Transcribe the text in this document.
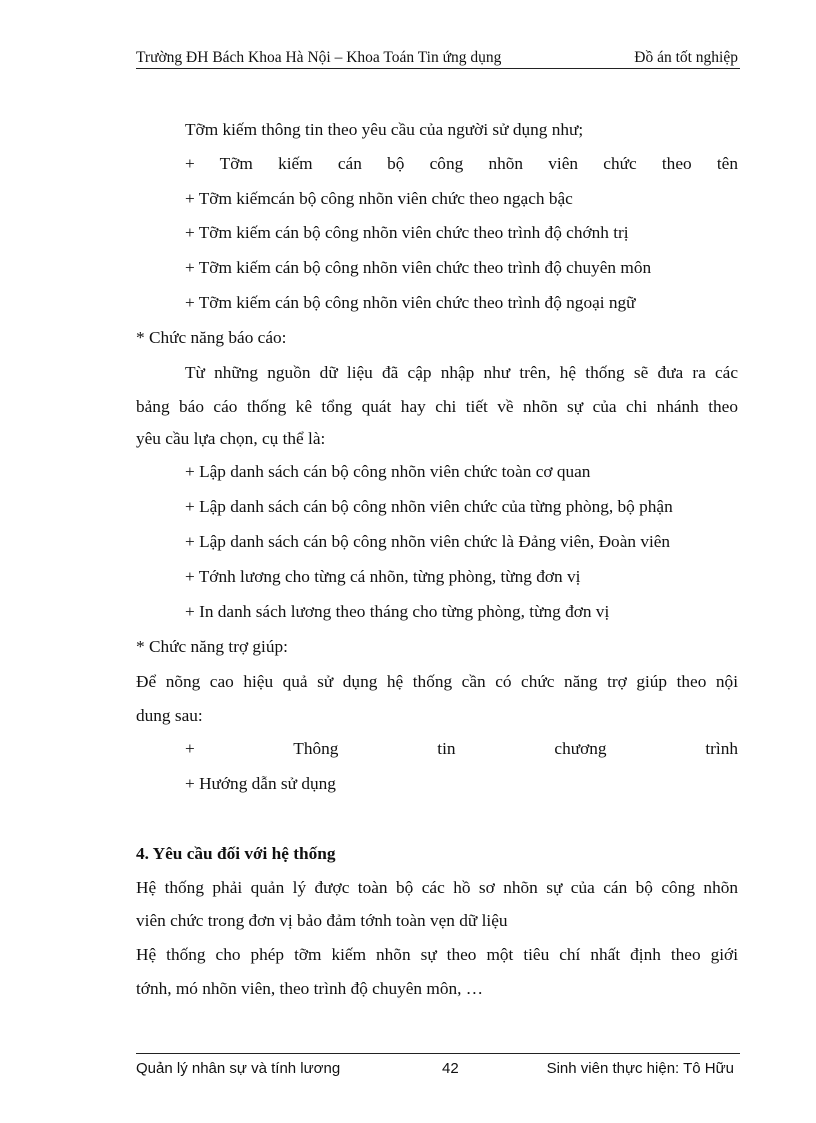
Trường ĐH Bách Khoa Hà Nội – Khoa Toán Tin ứng dụng	Đồ án tốt nghiệp
Tỡm kiếm thông tin theo yêu cầu của người sử dụng như;
+ Tỡm kiếm cán bộ công nhõn viên chức theo tên
+ Tỡm kiếmcán bộ công nhõn viên chức theo ngạch bậc
+ Tỡm kiếm cán bộ công nhõn viên chức theo trình độ chớnh trị
+ Tỡm kiếm cán bộ công nhõn viên chức theo trình độ chuyên môn
+ Tỡm kiếm cán bộ công nhõn viên chức theo trình độ ngoại ngữ
* Chức năng báo cáo:
Từ những nguồn dữ liệu đã cập nhập như trên, hệ thống sẽ đưa ra các
bảng báo cáo thống kê tổng quát hay chi tiết về nhõn sự của chi nhánh theo
yêu cầu lựa chọn, cụ thể là:
+ Lập danh sách cán bộ công nhõn viên chức toàn cơ quan
+ Lập danh sách cán bộ công nhõn viên chức của từng phòng, bộ phận
+ Lập danh sách cán bộ công nhõn viên chức là Đảng viên, Đoàn viên
+ Tớnh lương cho từng cá nhõn, từng phòng, từng đơn vị
+ In danh sách lương theo tháng cho từng phòng, từng đơn vị
* Chức năng trợ giúp:
Để nõng cao hiệu quả sử dụng hệ thống cần có chức năng trợ giúp theo nội
dung sau:
+ Thông tin chương trình
+ Hướng dẫn sử dụng
4. Yêu cầu đối với hệ thống
Hệ thống phải quản lý được toàn bộ các hồ sơ nhõn sự của cán bộ công nhõn
viên chức trong đơn vị bảo đảm tớnh toàn vẹn dữ liệu
Hệ thống cho phép tỡm kiếm nhõn sự theo một tiêu chí nhất định theo giới
tớnh, mó nhõn viên, theo trình độ chuyên môn, …
Quản lý nhân sự và tính lương	42	Sinh viên thực hiện: Tô Hữu
